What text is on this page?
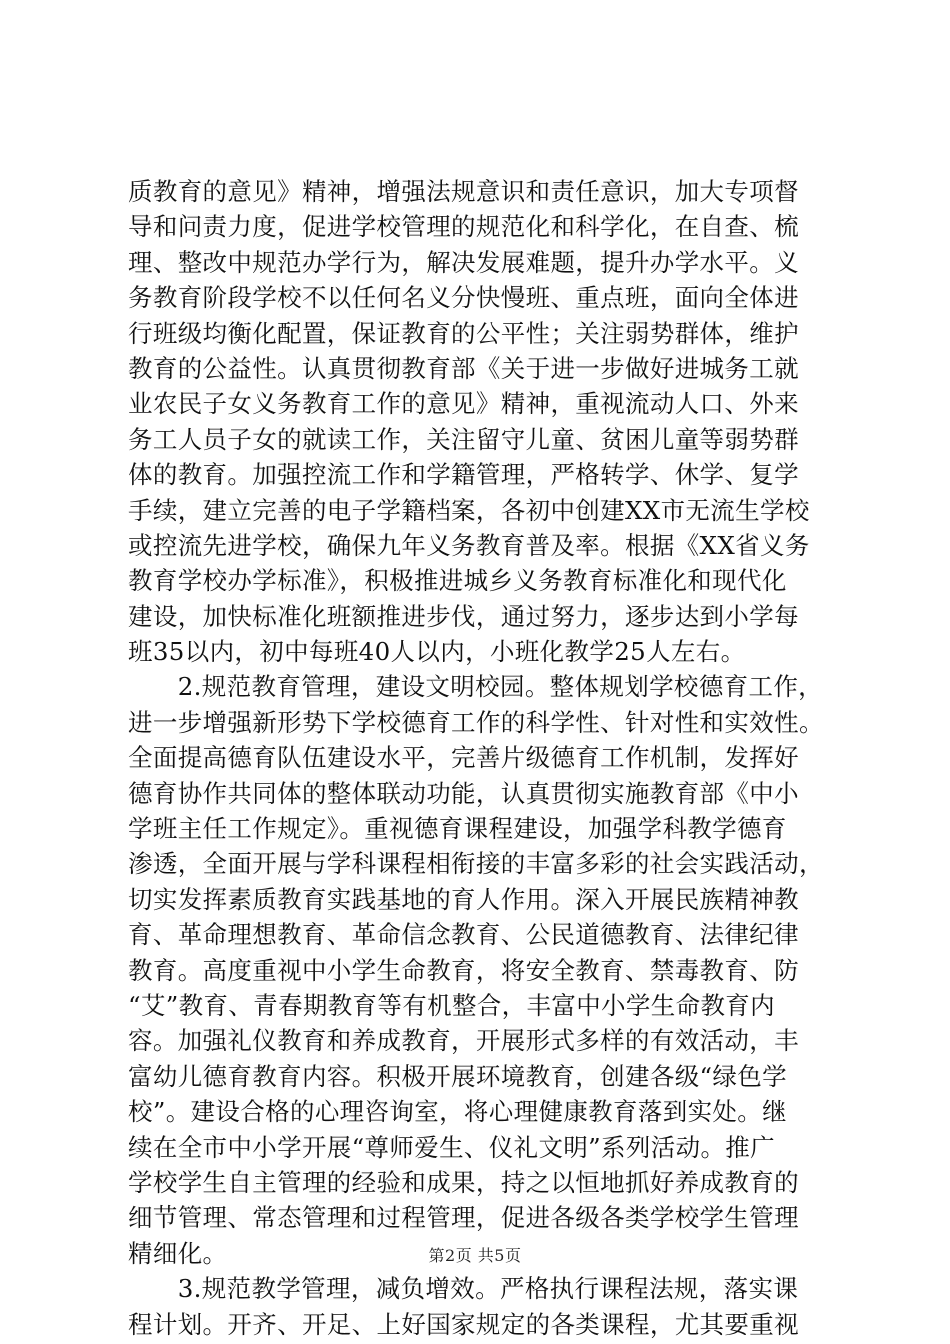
质教育的意见》精神，增强法规意识和责任意识，加大专项督
导和问责力度，促进学校管理的规范化和科学化，在自查、梳
理、整改中规范办学行为，解决发展难题，提升办学水平。义
务教育阶段学校不以任何名义分快慢班、重点班，面向全体进
行班级均衡化配置，保证教育的公平性；关注弱势群体，维护
教育的公益性。认真贯彻教育部《关于进一步做好进城务工就
业农民子女义务教育工作的意见》精神，重视流动人口、外来
务工人员子女的就读工作，关注留守儿童、贫困儿童等弱势群
体的教育。加强控流工作和学籍管理，严格转学、休学、复学
手续，建立完善的电子学籍档案，各初中创建XX市无流生学校
或控流先进学校，确保九年义务教育普及率。根据《XX省义务
教育学校办学标准》，积极推进城乡义务教育标准化和现代化
建设，加快标准化班额推进步伐，通过努力，逐步达到小学每
班35以内，初中每班40人以内，小班化教学25人左右。
　　2.规范教育管理，建设文明校园。整体规划学校德育工作，
进一步增强新形势下学校德育工作的科学性、针对性和实效性。
全面提高德育队伍建设水平，完善片级德育工作机制，发挥好
德育协作共同体的整体联动功能，认真贯彻实施教育部《中小
学班主任工作规定》。重视德育课程建设，加强学科教学德育
渗透，全面开展与学科课程相衔接的丰富多彩的社会实践活动，
切实发挥素质教育实践基地的育人作用。深入开展民族精神教
育、革命理想教育、革命信念教育、公民道德教育、法律纪律
教育。高度重视中小学生命教育，将安全教育、禁毒教育、防
“艾”教育、青春期教育等有机整合，丰富中小学生命教育内
容。加强礼仪教育和养成教育，开展形式多样的有效活动，丰
富幼儿德育教育内容。积极开展环境教育，创建各级“绿色学
校”。建设合格的心理咨询室，将心理健康教育落到实处。继
续在全市中小学开展“尊师爱生、仪礼文明”系列活动。推广
学校学生自主管理的经验和成果，持之以恒地抓好养成教育的
细节管理、常态管理和过程管理，促进各级各类学校学生管理
精细化。
　　3.规范教学管理，减负增效。严格执行课程法规，落实课
程计划。开齐、开足、上好国家规定的各类课程，尤其要重视
第2页 共5页
